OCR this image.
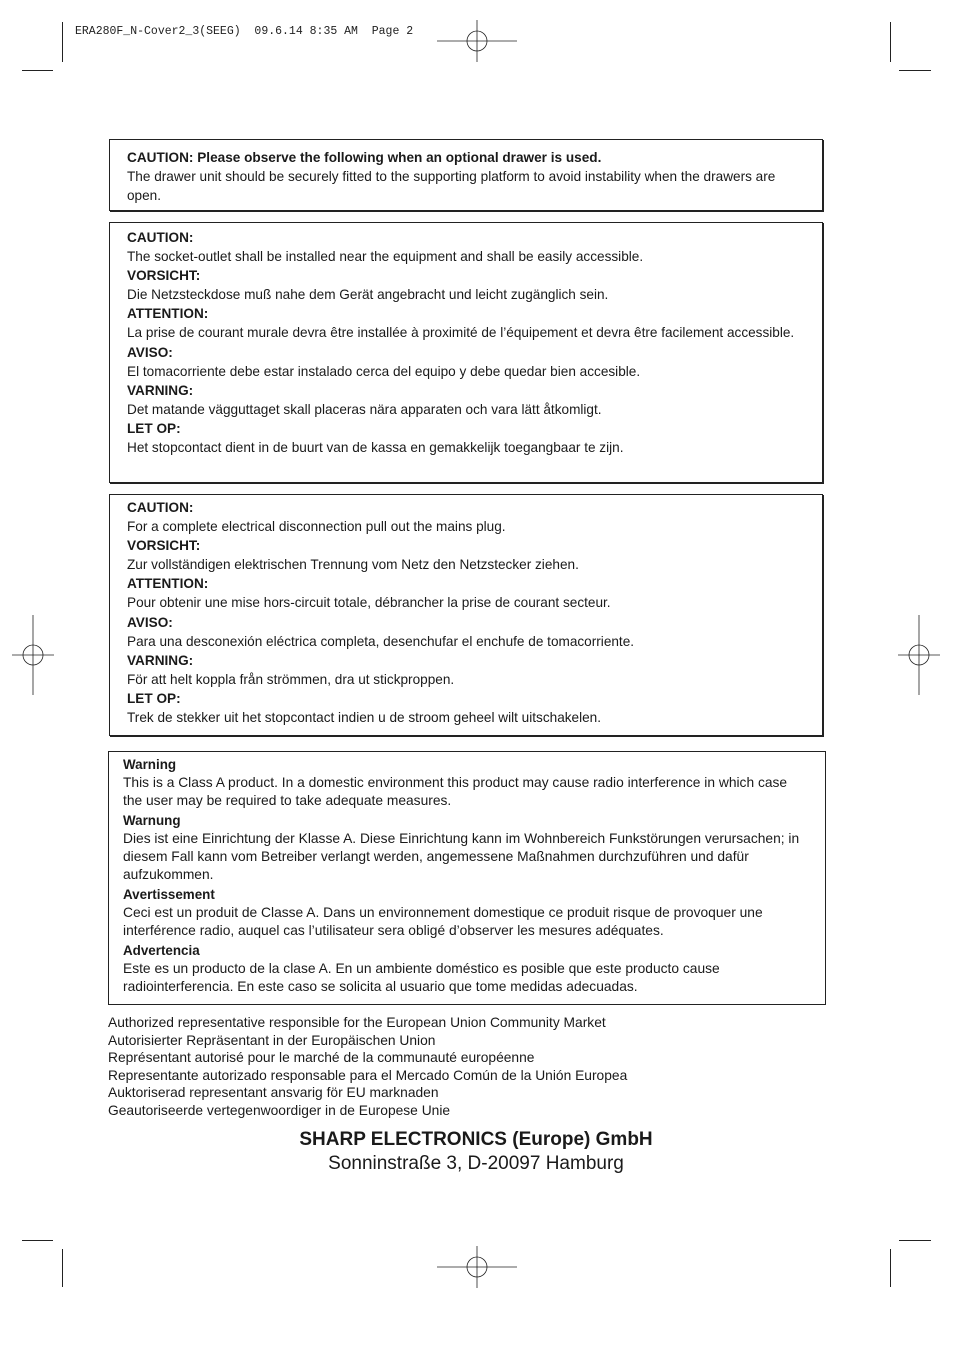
ERA280F_N-Cover2_3(SEEG)  09.6.14 8:35 AM  Page 2
CAUTION: Please observe the following when an optional drawer is used.
The drawer unit should be securely fitted to the supporting platform to avoid instability when the drawers are open.
CAUTION:
The socket-outlet shall be installed near the equipment and shall be easily accessible.
VORSICHT:
Die Netzsteckdose muß nahe dem Gerät angebracht und leicht zugänglich sein.
ATTENTION:
La prise de courant murale devra être installée à proximité de l’équipement et devra être facilement accessible.
AVISO:
El tomacorriente debe estar instalado cerca del equipo y debe quedar bien accesible.
VARNING:
Det matande vägguttaget skall placeras nära apparaten och vara lätt åtkomligt.
LET OP:
Het stopcontact dient in de buurt van de kassa en gemakkelijk toegangbaar te zijn.
CAUTION:
For a complete electrical disconnection pull out the mains plug.
VORSICHT:
Zur vollständigen elektrischen Trennung vom Netz den Netzstecker ziehen.
ATTENTION:
Pour obtenir une mise hors-circuit totale, débrancher la prise de courant secteur.
AVISO:
Para una desconexión eléctrica completa, desenchufar el enchufe de tomacorriente.
VARNING:
För att helt koppla från strömmen, dra ut stickproppen.
LET OP:
Trek de stekker uit het stopcontact indien u de stroom geheel wilt uitschakelen.
Warning
This is a Class A product. In a domestic environment this product may cause radio interference in which case the user may be required to take adequate measures.
Warnung
Dies ist eine Einrichtung der Klasse A. Diese Einrichtung kann im Wohnbereich Funkstörungen verursachen; in diesem Fall kann vom Betreiber verlangt werden, angemessene Maßnahmen durchzuführen und dafür aufzukommen.
Avertissement
Ceci est un produit de Classe A. Dans un environnement domestique ce produit risque de provoquer une interférence radio, auquel cas l’utilisateur sera obligé d’observer les mesures adéquates.
Advertencia
Este es un producto de la clase A. En un ambiente doméstico es posible que este producto cause radiointerferencia. En este caso se solicita al usuario que tome medidas adecuadas.
Authorized representative responsible for the European Union Community Market
Autorisierter Repräsentant in der Europäischen Union
Représentant autorisé pour le marché de la communauté européenne
Representante autorizado responsable para el Mercado Común de la Unión Europea
Auktoriserad representant ansvarig för EU marknaden
Geautoriseerde vertegenwoordiger in de Europese Unie
SHARP ELECTRONICS (Europe) GmbH
Sonninstraße 3, D-20097 Hamburg
